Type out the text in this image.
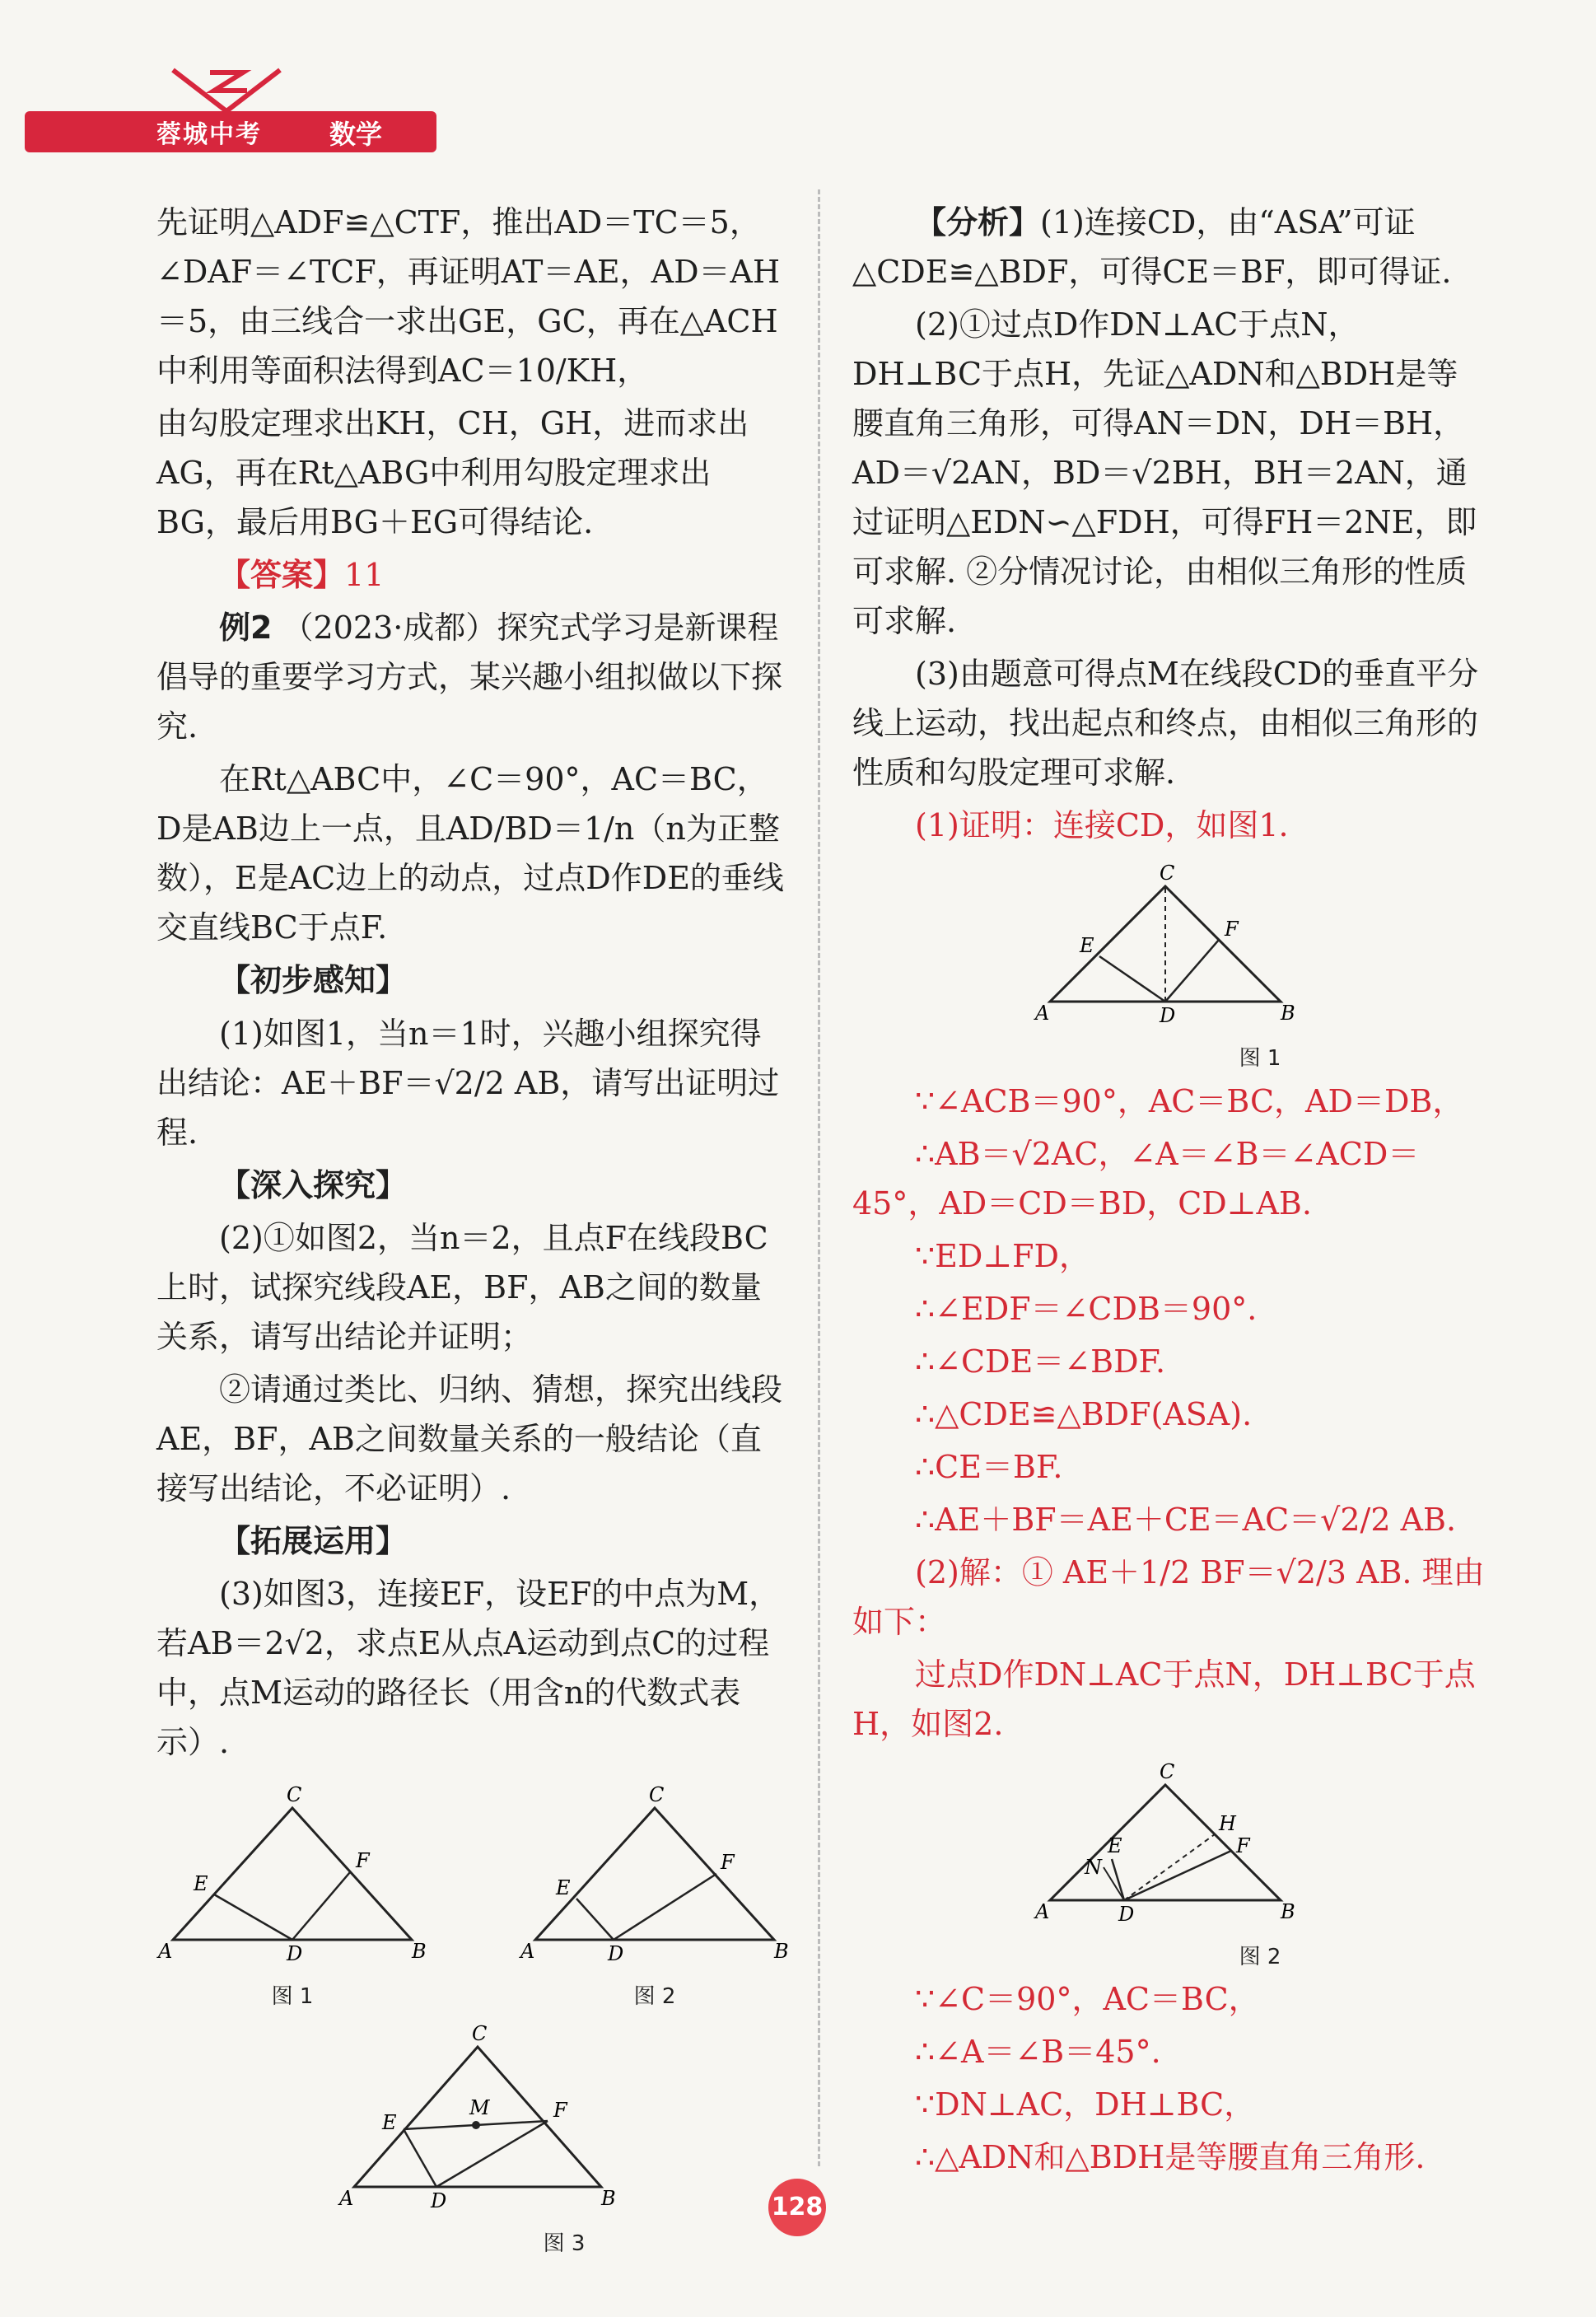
蓉城中考	数学

先证明△ADF≌△CTF，推出AD＝TC＝5，∠DAF＝∠TCF，再证明AT＝AE，AD＝AH＝5，由三线合一求出GE，GC，再在△ACH中利用等面积法得到AC＝10/KH，

由勾股定理求出KH，CH，GH，进而求出AG，再在Rt△ABG中利用勾股定理求出BG，最后用BG＋EG可得结论.

【答案】11

例2 （2023·成都）探究式学习是新课程倡导的重要学习方式，某兴趣小组拟做以下探究.

在Rt△ABC中，∠C＝90°，AC＝BC，D是AB边上一点，且AD/BD＝1/n（n为正整数），E是AC边上的动点，过点D作DE的垂线交直线BC于点F.

【初步感知】

(1)如图1，当n＝1时，兴趣小组探究得出结论：AE＋BF＝√2/2 AB，请写出证明过程.

【深入探究】

(2)①如图2，当n＝2，且点F在线段BC上时，试探究线段AE，BF，AB之间的数量关系，请写出结论并证明；

②请通过类比、归纳、猜想，探究出线段AE，BF，AB之间数量关系的一般结论（直接写出结论，不必证明）.

【拓展运用】

(3)如图3，连接EF，设EF的中点为M，若AB＝2√2，求点E从点A运动到点C的过程中，点M运动的路径长（用含n的代数式表示）.

A	B
C
D
E
F
图 1
A	B
C
D
E
F
图 2
A	B
C
D
E
F
M
图 3

【分析】(1)连接CD，由“ASA”可证△CDE≌△BDF，可得CE＝BF，即可得证.

(2)①过点D作DN⊥AC于点N，DH⊥BC于点H，先证△ADN和△BDH是等腰直角三角形，可得AN＝DN，DH＝BH，AD＝√2AN，BD＝√2BH，BH＝2AN，通过证明△EDN∽△FDH，可得FH＝2NE，即可求解. ②分情况讨论，由相似三角形的性质可求解.

(3)由题意可得点M在线段CD的垂直平分线上运动，找出起点和终点，由相似三角形的性质和勾股定理可求解.

(1)证明：连接CD，如图1.

A	B
C
D
E
F
图 1

∵∠ACB＝90°，AC＝BC，AD＝DB，

∴AB＝√2AC，∠A＝∠B＝∠ACD＝45°，AD＝CD＝BD，CD⊥AB.

∵ED⊥FD，

∴∠EDF＝∠CDB＝90°.

∴∠CDE＝∠BDF.

∴△CDE≌△BDF(ASA).

∴CE＝BF.

∴AE＋BF＝AE＋CE＝AC＝√2/2 AB.

(2)解：① AE＋1/2 BF＝√2/3 AB. 理由如下：

过点D作DN⊥AC于点N，DH⊥BC于点H，如图2.

A	B
C
D
N
E
H
F
图 2

∵∠C＝90°，AC＝BC，

∴∠A＝∠B＝45°.

∵DN⊥AC，DH⊥BC，

∴△ADN和△BDH是等腰直角三角形.

128
